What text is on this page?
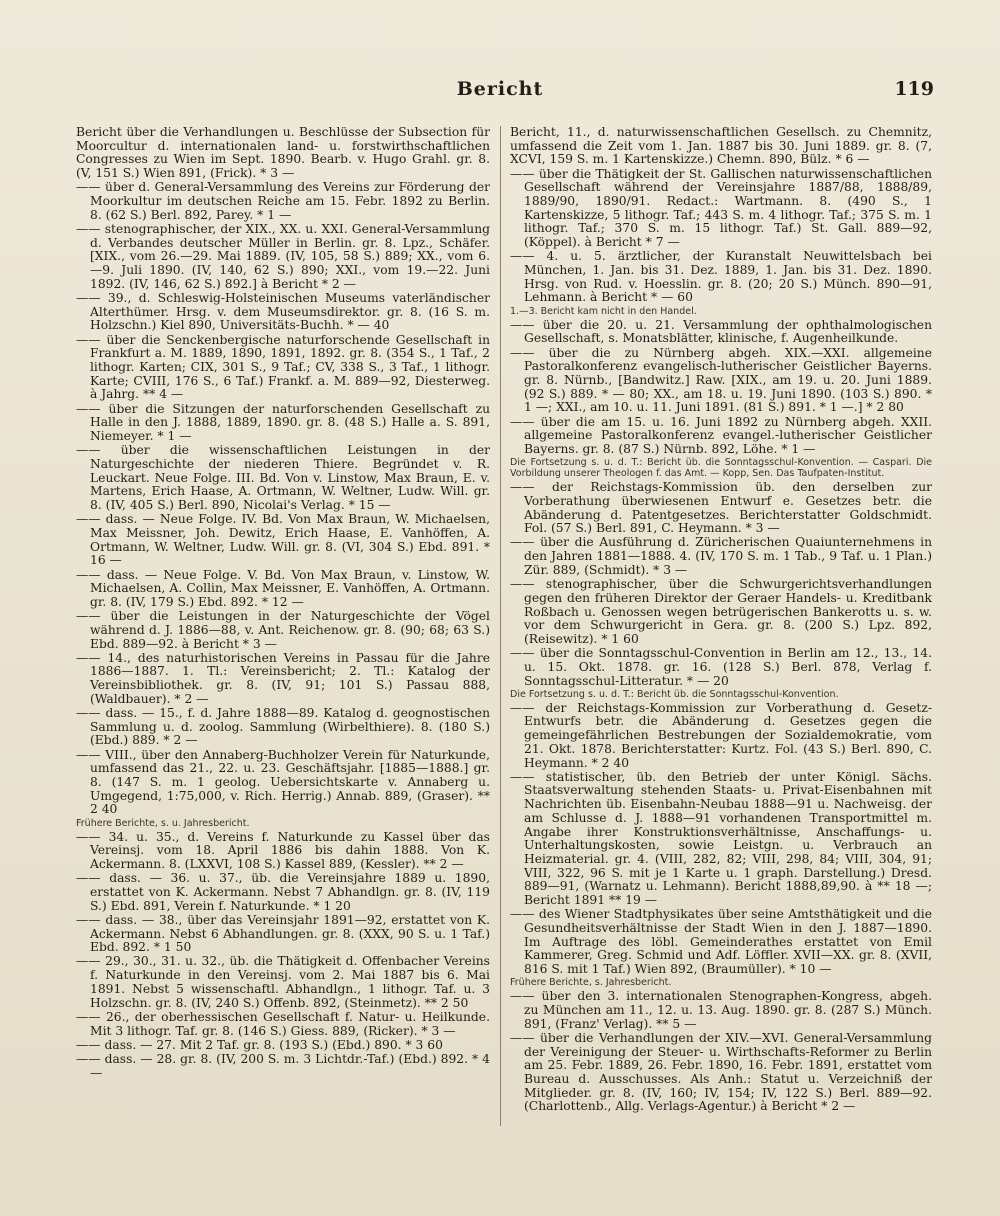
Bericht	119

Bericht über die Verhandlungen u. Beschlüsse der Subsection für Moorcultur d. internationalen land- u. forstwirthschaftlichen Congresses zu Wien im Sept. 1890. Bearb. v. Hugo Grahl. gr. 8. (V, 151 S.) Wien 891, (Frick). * 3 —

—— über d. General-Versammlung des Vereins zur Förderung der Moorkultur im deutschen Reiche am 15. Febr. 1892 zu Berlin. 8. (62 S.) Berl. 892, Parey. * 1 —

—— stenographischer, der XIX., XX. u. XXI. General-Versammlung d. Verbandes deutscher Müller in Berlin. gr. 8. Lpz., Schäfer. [XIX., vom 26.—29. Mai 1889. (IV, 105, 58 S.) 889; XX., vom 6.—9. Juli 1890. (IV, 140, 62 S.) 890; XXI., vom 19.—22. Juni 1892. (IV, 146, 62 S.) 892.] à Bericht * 2 —

—— 39., d. Schleswig-Holsteinischen Museums vaterländischer Alterthümer. Hrsg. v. dem Museumsdirektor. gr. 8. (16 S. m. Holzschn.) Kiel 890, Universitäts-Buchh. * — 40

—— über die Senckenbergische naturforschende Gesellschaft in Frankfurt a. M. 1889, 1890, 1891, 1892. gr. 8. (354 S., 1 Taf., 2 lithogr. Karten; CIX, 301 S., 9 Taf.; CV, 338 S., 3 Taf., 1 lithogr. Karte; CVIII, 176 S., 6 Taf.) Frankf. a. M. 889—92, Diesterweg. à Jahrg. ** 4 —

—— über die Sitzungen der naturforschenden Gesellschaft zu Halle in den J. 1888, 1889, 1890. gr. 8. (48 S.) Halle a. S. 891, Niemeyer. * 1 —

—— über die wissenschaftlichen Leistungen in der Naturgeschichte der niederen Thiere. Begründet v. R. Leuckart. Neue Folge. III. Bd. Von v. Linstow, Max Braun, E. v. Martens, Erich Haase, A. Ortmann, W. Weltner, Ludw. Will. gr. 8. (IV, 405 S.) Berl. 890, Nicolai's Verlag. * 15 —

—— dass. — Neue Folge. IV. Bd. Von Max Braun, W. Michaelsen, Max Meissner, Joh. Dewitz, Erich Haase, E. Vanhöffen, A. Ortmann, W. Weltner, Ludw. Will. gr. 8. (VI, 304 S.) Ebd. 891. * 16 —

—— dass. — Neue Folge. V. Bd. Von Max Braun, v. Linstow, W. Michaelsen, A. Collin, Max Meissner, E. Vanhöffen, A. Ortmann. gr. 8. (IV, 179 S.) Ebd. 892. * 12 —

—— über die Leistungen in der Naturgeschichte der Vögel während d. J. 1886—88, v. Ant. Reichenow. gr. 8. (90; 68; 63 S.) Ebd. 889—92. à Bericht * 3 —

—— 14., des naturhistorischen Vereins in Passau für die Jahre 1886—1887. 1. Tl.: Vereinsbericht; 2. Tl.: Katalog der Vereinsbibliothek. gr. 8. (IV, 91; 101 S.) Passau 888, (Waldbauer). * 2 —

—— dass. — 15., f. d. Jahre 1888—89. Katalog d. geognostischen Sammlung u. d. zoolog. Sammlung (Wirbelthiere). 8. (180 S.) (Ebd.) 889. * 2 —

—— VIII., über den Annaberg-Buchholzer Verein für Naturkunde, umfassend das 21., 22. u. 23. Geschäftsjahr. [1885—1888.] gr. 8. (147 S. m. 1 geolog. Uebersichtskarte v. Annaberg u. Umgegend, 1:75,000, v. Rich. Herrig.) Annab. 889, (Graser). ** 2 40

Frühere Berichte, s. u. Jahresbericht.

—— 34. u. 35., d. Vereins f. Naturkunde zu Kassel über das Vereinsj. vom 18. April 1886 bis dahin 1888. Von K. Ackermann. 8. (LXXVI, 108 S.) Kassel 889, (Kessler). ** 2 —

—— dass. — 36. u. 37., üb. die Vereinsjahre 1889 u. 1890, erstattet von K. Ackermann. Nebst 7 Abhandlgn. gr. 8. (IV, 119 S.) Ebd. 891, Verein f. Naturkunde. * 1 20

—— dass. — 38., über das Vereinsjahr 1891—92, erstattet von K. Ackermann. Nebst 6 Abhandlungen. gr. 8. (XXX, 90 S. u. 1 Taf.) Ebd. 892. * 1 50

—— 29., 30., 31. u. 32., üb. die Thätigkeit d. Offenbacher Vereins f. Naturkunde in den Vereinsj. vom 2. Mai 1887 bis 6. Mai 1891. Nebst 5 wissenschaftl. Abhandlgn., 1 lithogr. Taf. u. 3 Holzschn. gr. 8. (IV, 240 S.) Offenb. 892, (Steinmetz). ** 2 50

—— 26., der oberhessischen Gesellschaft f. Natur- u. Heilkunde. Mit 3 lithogr. Taf. gr. 8. (146 S.) Giess. 889, (Ricker). * 3 —

—— dass. — 27. Mit 2 Taf. gr. 8. (193 S.) (Ebd.) 890. * 3 60

—— dass. — 28. gr. 8. (IV, 200 S. m. 3 Lichtdr.-Taf.) (Ebd.) 892. * 4 —

Bericht, 11., d. naturwissenschaftlichen Gesellsch. zu Chemnitz, umfassend die Zeit vom 1. Jan. 1887 bis 30. Juni 1889. gr. 8. (7, XCVI, 159 S. m. 1 Kartenskizze.) Chemn. 890, Bülz. * 6 —

—— über die Thätigkeit der St. Gallischen naturwissenschaftlichen Gesellschaft während der Vereinsjahre 1887/88, 1888/89, 1889/90, 1890/91. Redact.: Wartmann. 8. (490 S., 1 Kartenskizze, 5 lithogr. Taf.; 443 S. m. 4 lithogr. Taf.; 375 S. m. 1 lithogr. Taf.; 370 S. m. 15 lithogr. Taf.) St. Gall. 889—92, (Köppel). à Bericht * 7 —

—— 4. u. 5. ärztlicher, der Kuranstalt Neuwittelsbach bei München, 1. Jan. bis 31. Dez. 1889, 1. Jan. bis 31. Dez. 1890. Hrsg. von Rud. v. Hoesslin. gr. 8. (20; 20 S.) Münch. 890—91, Lehmann. à Bericht * — 60

1.—3. Bericht kam nicht in den Handel.

—— über die 20. u. 21. Versammlung der ophthalmologischen Gesellschaft, s. Monatsblätter, klinische, f. Augenheilkunde.

—— über die zu Nürnberg abgeh. XIX.—XXI. allgemeine Pastoralkonferenz evangelisch-lutherischer Geistlicher Bayerns. gr. 8. Nürnb., [Bandwitz.] Raw. [XIX., am 19. u. 20. Juni 1889. (92 S.) 889. * — 80; XX., am 18. u. 19. Juni 1890. (103 S.) 890. * 1 —; XXI., am 10. u. 11. Juni 1891. (81 S.) 891. * 1 —.] * 2 80

—— über die am 15. u. 16. Juni 1892 zu Nürnberg abgeh. XXII. allgemeine Pastoralkonferenz evangel.-lutherischer Geistlicher Bayerns. gr. 8. (87 S.) Nürnb. 892, Löhe. * 1 —

Die Fortsetzung s. u. d. T.: Bericht üb. die Sonntagsschul-Konvention. — Caspari. Die Vorbildung unserer Theologen f. das Amt. — Kopp, Sen. Das Taufpaten-Institut.

—— der Reichstags-Kommission üb. den derselben zur Vorberathung überwiesenen Entwurf e. Gesetzes betr. die Abänderung d. Patentgesetzes. Berichterstatter Goldschmidt. Fol. (57 S.) Berl. 891, C. Heymann. * 3 —

—— über die Ausführung d. Züricherischen Quaiunternehmens in den Jahren 1881—1888. 4. (IV, 170 S. m. 1 Tab., 9 Taf. u. 1 Plan.) Zür. 889, (Schmidt). * 3 —

—— stenographischer, über die Schwurgerichtsverhandlungen gegen den früheren Direktor der Geraer Handels- u. Kreditbank Roßbach u. Genossen wegen betrügerischen Bankerotts u. s. w. vor dem Schwurgericht in Gera. gr. 8. (200 S.) Lpz. 892, (Reisewitz). * 1 60

—— über die Sonntagsschul-Convention in Berlin am 12., 13., 14. u. 15. Okt. 1878. gr. 16. (128 S.) Berl. 878, Verlag f. Sonntagsschul-Litteratur. * — 20

Die Fortsetzung s. u. d. T.: Bericht üb. die Sonntagsschul-Konvention.

—— der Reichstags-Kommission zur Vorberathung d. Gesetz-Entwurfs betr. die Abänderung d. Gesetzes gegen die gemeingefährlichen Bestrebungen der Sozialdemokratie, vom 21. Okt. 1878. Berichterstatter: Kurtz. Fol. (43 S.) Berl. 890, C. Heymann. * 2 40

—— statistischer, üb. den Betrieb der unter Königl. Sächs. Staatsverwaltung stehenden Staats- u. Privat-Eisenbahnen mit Nachrichten üb. Eisenbahn-Neubau 1888—91 u. Nachweisg. der am Schlusse d. J. 1888—91 vorhandenen Transportmittel m. Angabe ihrer Konstruktionsverhältnisse, Anschaffungs- u. Unterhaltungskosten, sowie Leistgn. u. Verbrauch an Heizmaterial. gr. 4. (VIII, 282, 82; VIII, 298, 84; VIII, 304, 91; VIII, 322, 96 S. mit je 1 Karte u. 1 graph. Darstellung.) Dresd. 889—91, (Warnatz u. Lehmann). Bericht 1888,89,90. à ** 18 —; Bericht 1891 ** 19 —

—— des Wiener Stadtphysikates über seine Amtsthätigkeit und die Gesundheitsverhältnisse der Stadt Wien in den J. 1887—1890. Im Auftrage des löbl. Gemeinderathes erstattet von Emil Kammerer, Greg. Schmid und Adf. Löffler. XVII—XX. gr. 8. (XVII, 816 S. mit 1 Taf.) Wien 892, (Braumüller). * 10 —

Frühere Berichte, s. Jahresbericht.

—— über den 3. internationalen Stenographen-Kongress, abgeh. zu München am 11., 12. u. 13. Aug. 1890. gr. 8. (287 S.) Münch. 891, (Franz' Verlag). ** 5 —

—— über die Verhandlungen der XIV.—XVI. General-Versammlung der Vereinigung der Steuer- u. Wirthschafts-Reformer zu Berlin am 25. Febr. 1889, 26. Febr. 1890, 16. Febr. 1891, erstattet vom Bureau d. Ausschusses. Als Anh.: Statut u. Verzeichniß der Mitglieder. gr. 8. (IV, 160; IV, 154; IV, 122 S.) Berl. 889—92. (Charlottenb., Allg. Verlags-Agentur.) à Bericht * 2 —
